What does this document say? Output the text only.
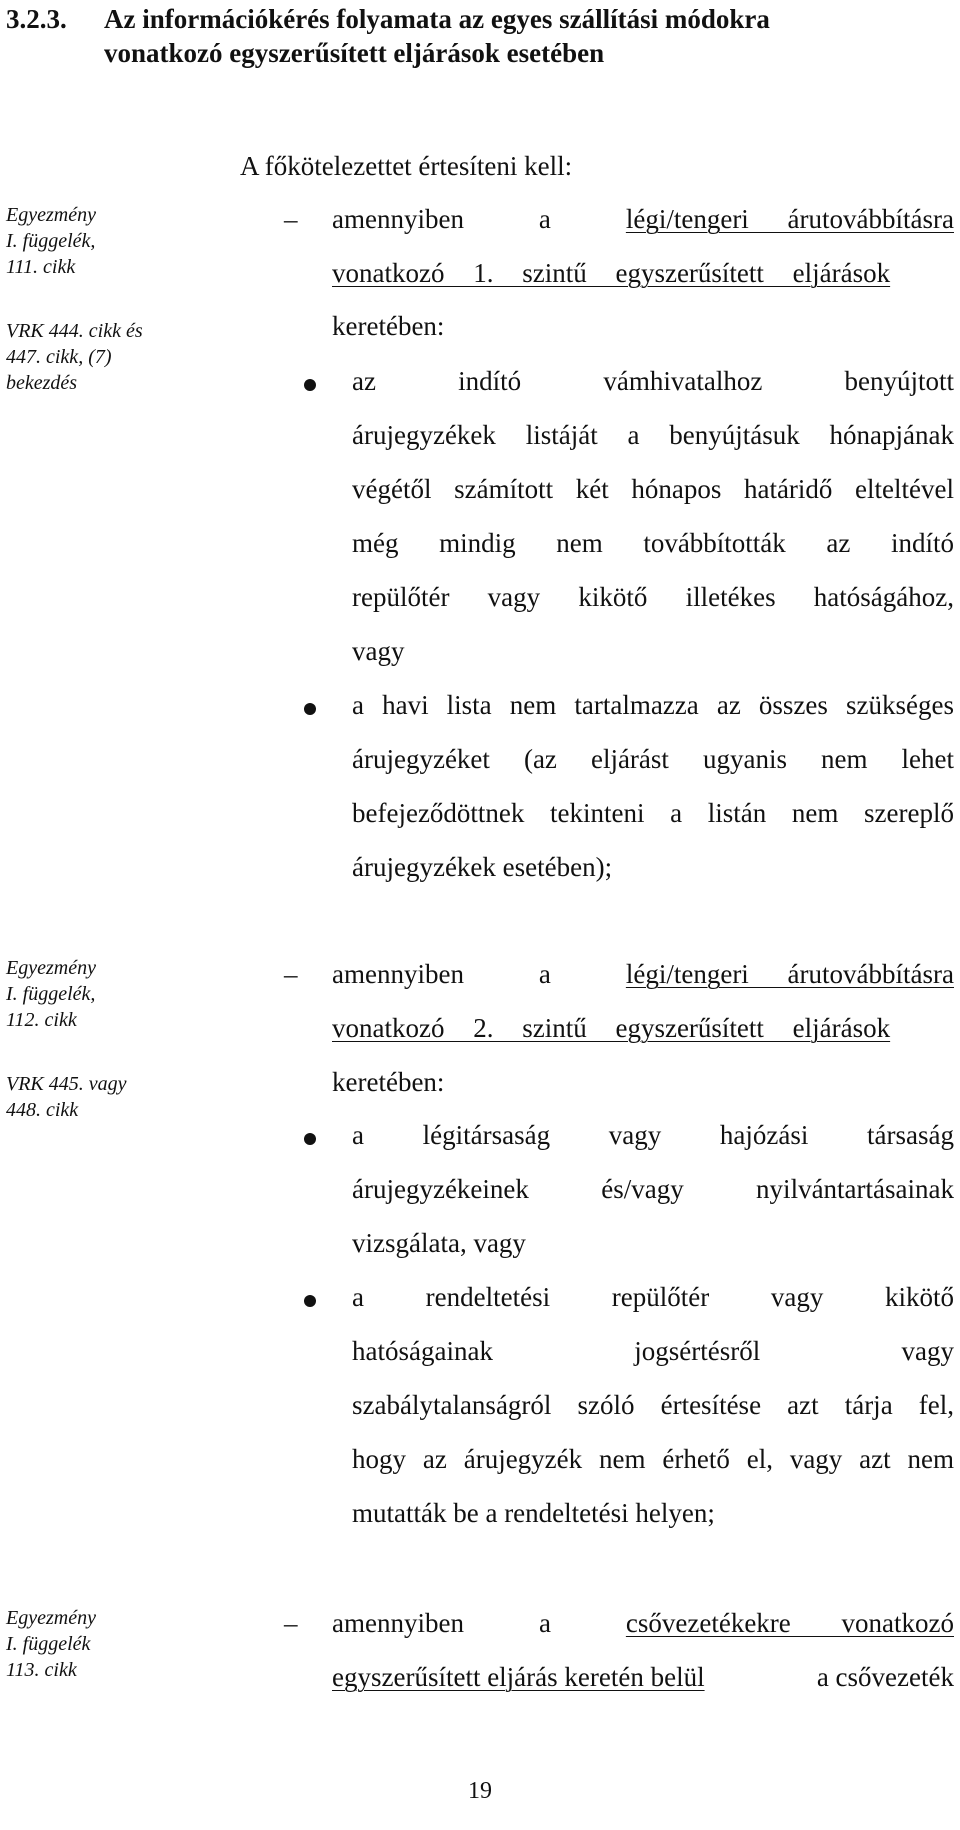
3.2.3. Az információkérés folyamata az egyes szállítási módokra
vonatkozó egyszerűsített eljárások esetében
Egyezmény
I. függelék,
111. cikk
VRK 444. cikk és
447. cikk, (7)
bekezdés
Egyezmény
I. függelék,
112. cikk
VRK 445. vagy
448. cikk
Egyezmény
I. függelék
113. cikk
A főkötelezettet értesíteni kell:
– amennyiben	a	légi/tengeri árutovábbításra
vonatkozó 1. szintű egyszerűsített eljárások
keretében:
az indító vámhivatalhoz benyújtott
árujegyzékek listáját a benyújtásuk hónapjának
végétől számított két hónapos határidő elteltével
még mindig nem továbbították az indító
repülőtér vagy kikötő illetékes hatóságához,
vagy
a havi lista nem tartalmazza az összes szükséges
árujegyzéket (az eljárást ugyanis nem lehet
befejeződöttnek tekinteni a listán nem szereplő
árujegyzékek esetében);
– amennyiben	a	légi/tengeri árutovábbításra
vonatkozó 2. szintű egyszerűsített eljárások
keretében:
a légitársaság vagy hajózási társaság
árujegyzékeinek és/vagy nyilvántartásainak
vizsgálata, vagy
a rendeltetési repülőtér vagy kikötő
hatóságainak jogsértésről vagy
szabálytalanságról szóló értesítése azt tárja fel,
hogy az árujegyzék nem érhető el, vagy azt nem
mutatták be a rendeltetési helyen;
– amennyiben	a	csővezetékekre vonatkozó
egyszerűsített eljárás keretén belül	a csővezeték
19
